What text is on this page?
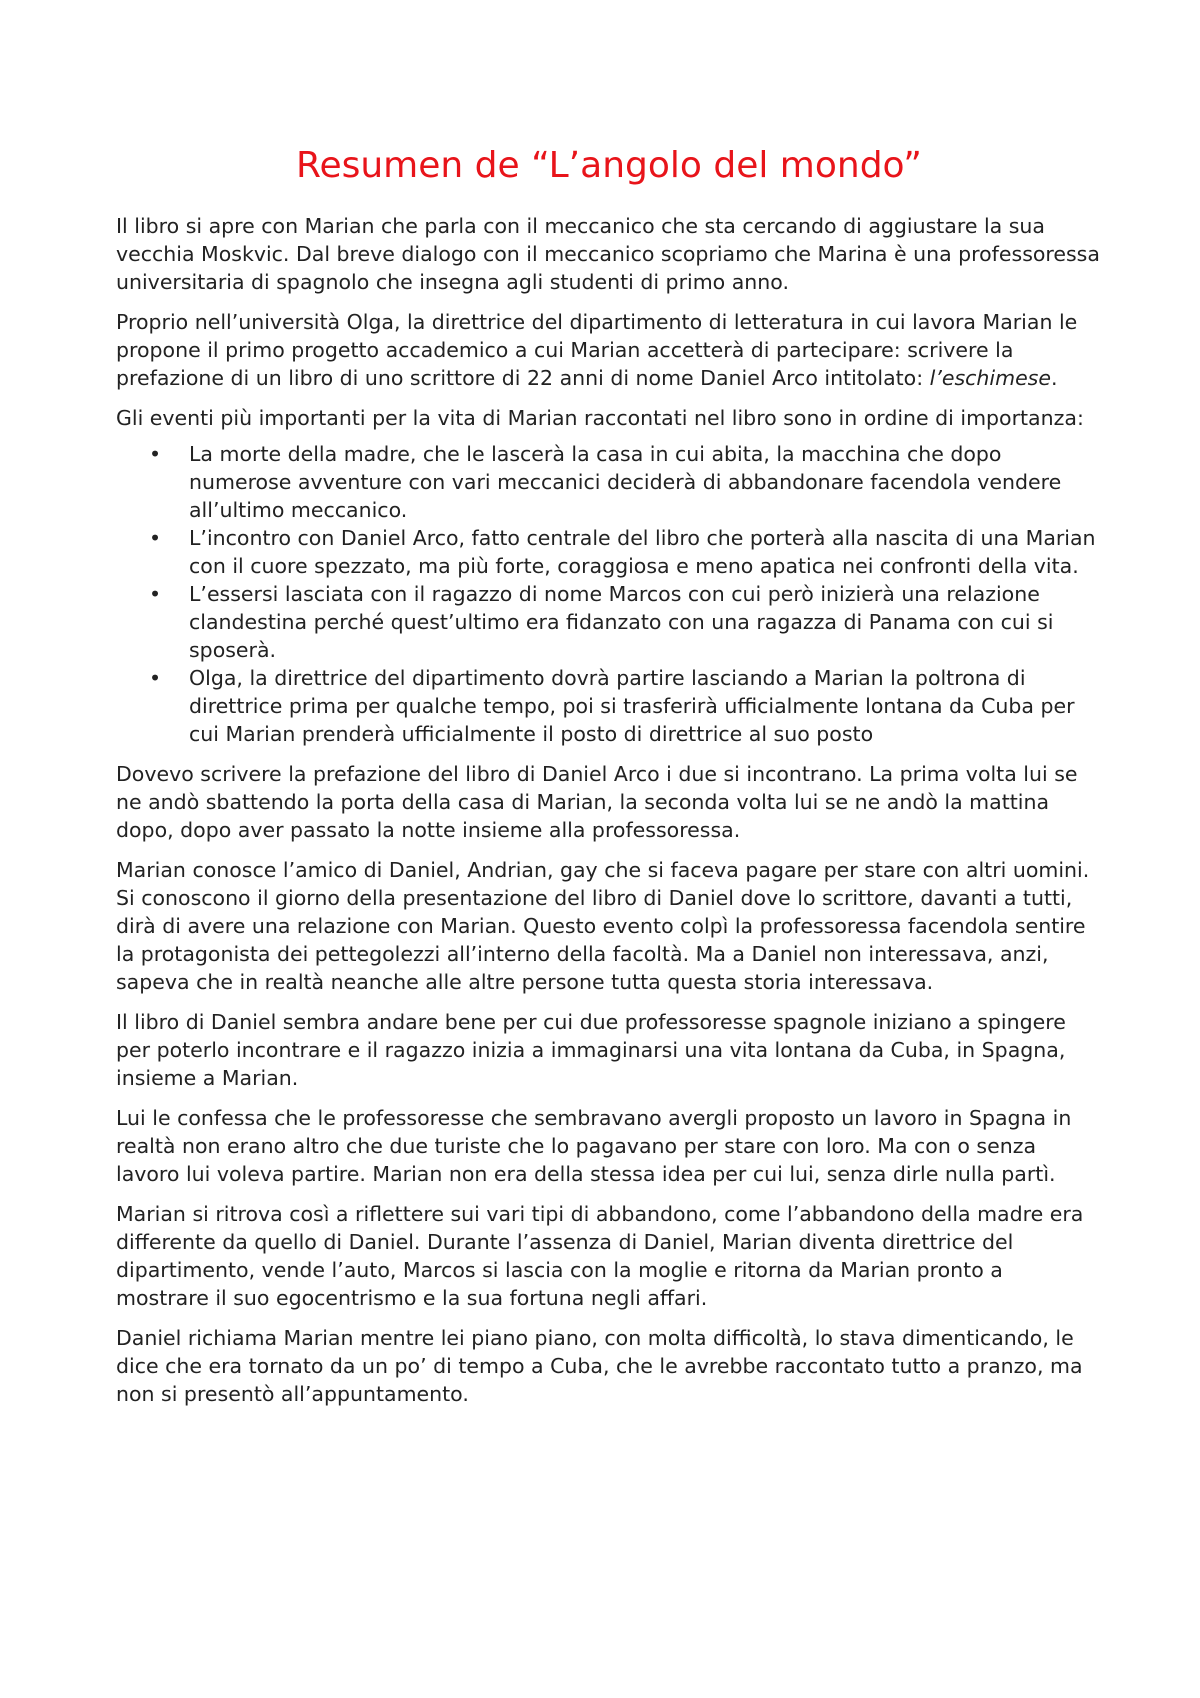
Resumen de “L’angolo del mondo”

Il libro si apre con Marian che parla con il meccanico che sta cercando di aggiustare la sua vecchia Moskvic. Dal breve dialogo con il meccanico scopriamo che Marina è una professoressa universitaria di spagnolo che insegna agli studenti di primo anno.

Proprio nell’università Olga, la direttrice del dipartimento di letteratura in cui lavora Marian le propone il primo progetto accademico a cui Marian accetterà di partecipare: scrivere la prefazione di un libro di uno scrittore di 22 anni di nome Daniel Arco intitolato: l’eschimese.

Gli eventi più importanti per la vita di Marian raccontati nel libro sono in ordine di importanza:

• La morte della madre, che le lascerà la casa in cui abita, la macchina che dopo numerose avventure con vari meccanici deciderà di abbandonare facendola vendere all’ultimo meccanico.
• L’incontro con Daniel Arco, fatto centrale del libro che porterà alla nascita di una Marian con il cuore spezzato, ma più forte, coraggiosa e meno apatica nei confronti della vita.
• L’essersi lasciata con il ragazzo di nome Marcos con cui però inizierà una relazione clandestina perché quest’ultimo era fidanzato con una ragazza di Panama con cui si sposerà.
• Olga, la direttrice del dipartimento dovrà partire lasciando a Marian la poltrona di direttrice prima per qualche tempo, poi si trasferirà ufficialmente lontana da Cuba per cui Marian prenderà ufficialmente il posto di direttrice al suo posto

Dovevo scrivere la prefazione del libro di Daniel Arco i due si incontrano. La prima volta lui se ne andò sbattendo la porta della casa di Marian, la seconda volta lui se ne andò la mattina dopo, dopo aver passato la notte insieme alla professoressa.

Marian conosce l’amico di Daniel, Andrian, gay che si faceva pagare per stare con altri uomini. Si conoscono il giorno della presentazione del libro di Daniel dove lo scrittore, davanti a tutti, dirà di avere una relazione con Marian. Questo evento colpì la professoressa facendola sentire la protagonista dei pettegolezzi all’interno della facoltà. Ma a Daniel non interessava, anzi, sapeva che in realtà neanche alle altre persone tutta questa storia interessava.

Il libro di Daniel sembra andare bene per cui due professoresse spagnole iniziano a spingere per poterlo incontrare e il ragazzo inizia a immaginarsi una vita lontana da Cuba, in Spagna, insieme a Marian.

Lui le confessa che le professoresse che sembravano avergli proposto un lavoro in Spagna in realtà non erano altro che due turiste che lo pagavano per stare con loro. Ma con o senza lavoro lui voleva partire. Marian non era della stessa idea per cui lui, senza dirle nulla partì.

Marian si ritrova così a riflettere sui vari tipi di abbandono, come l’abbandono della madre era differente da quello di Daniel. Durante l’assenza di Daniel, Marian diventa direttrice del dipartimento, vende l’auto, Marcos si lascia con la moglie e ritorna da Marian pronto a mostrare il suo egocentrismo e la sua fortuna negli affari.

Daniel richiama Marian mentre lei piano piano, con molta difficoltà, lo stava dimenticando, le dice che era tornato da un po’ di tempo a Cuba, che le avrebbe raccontato tutto a pranzo, ma non si presentò all’appuntamento.
